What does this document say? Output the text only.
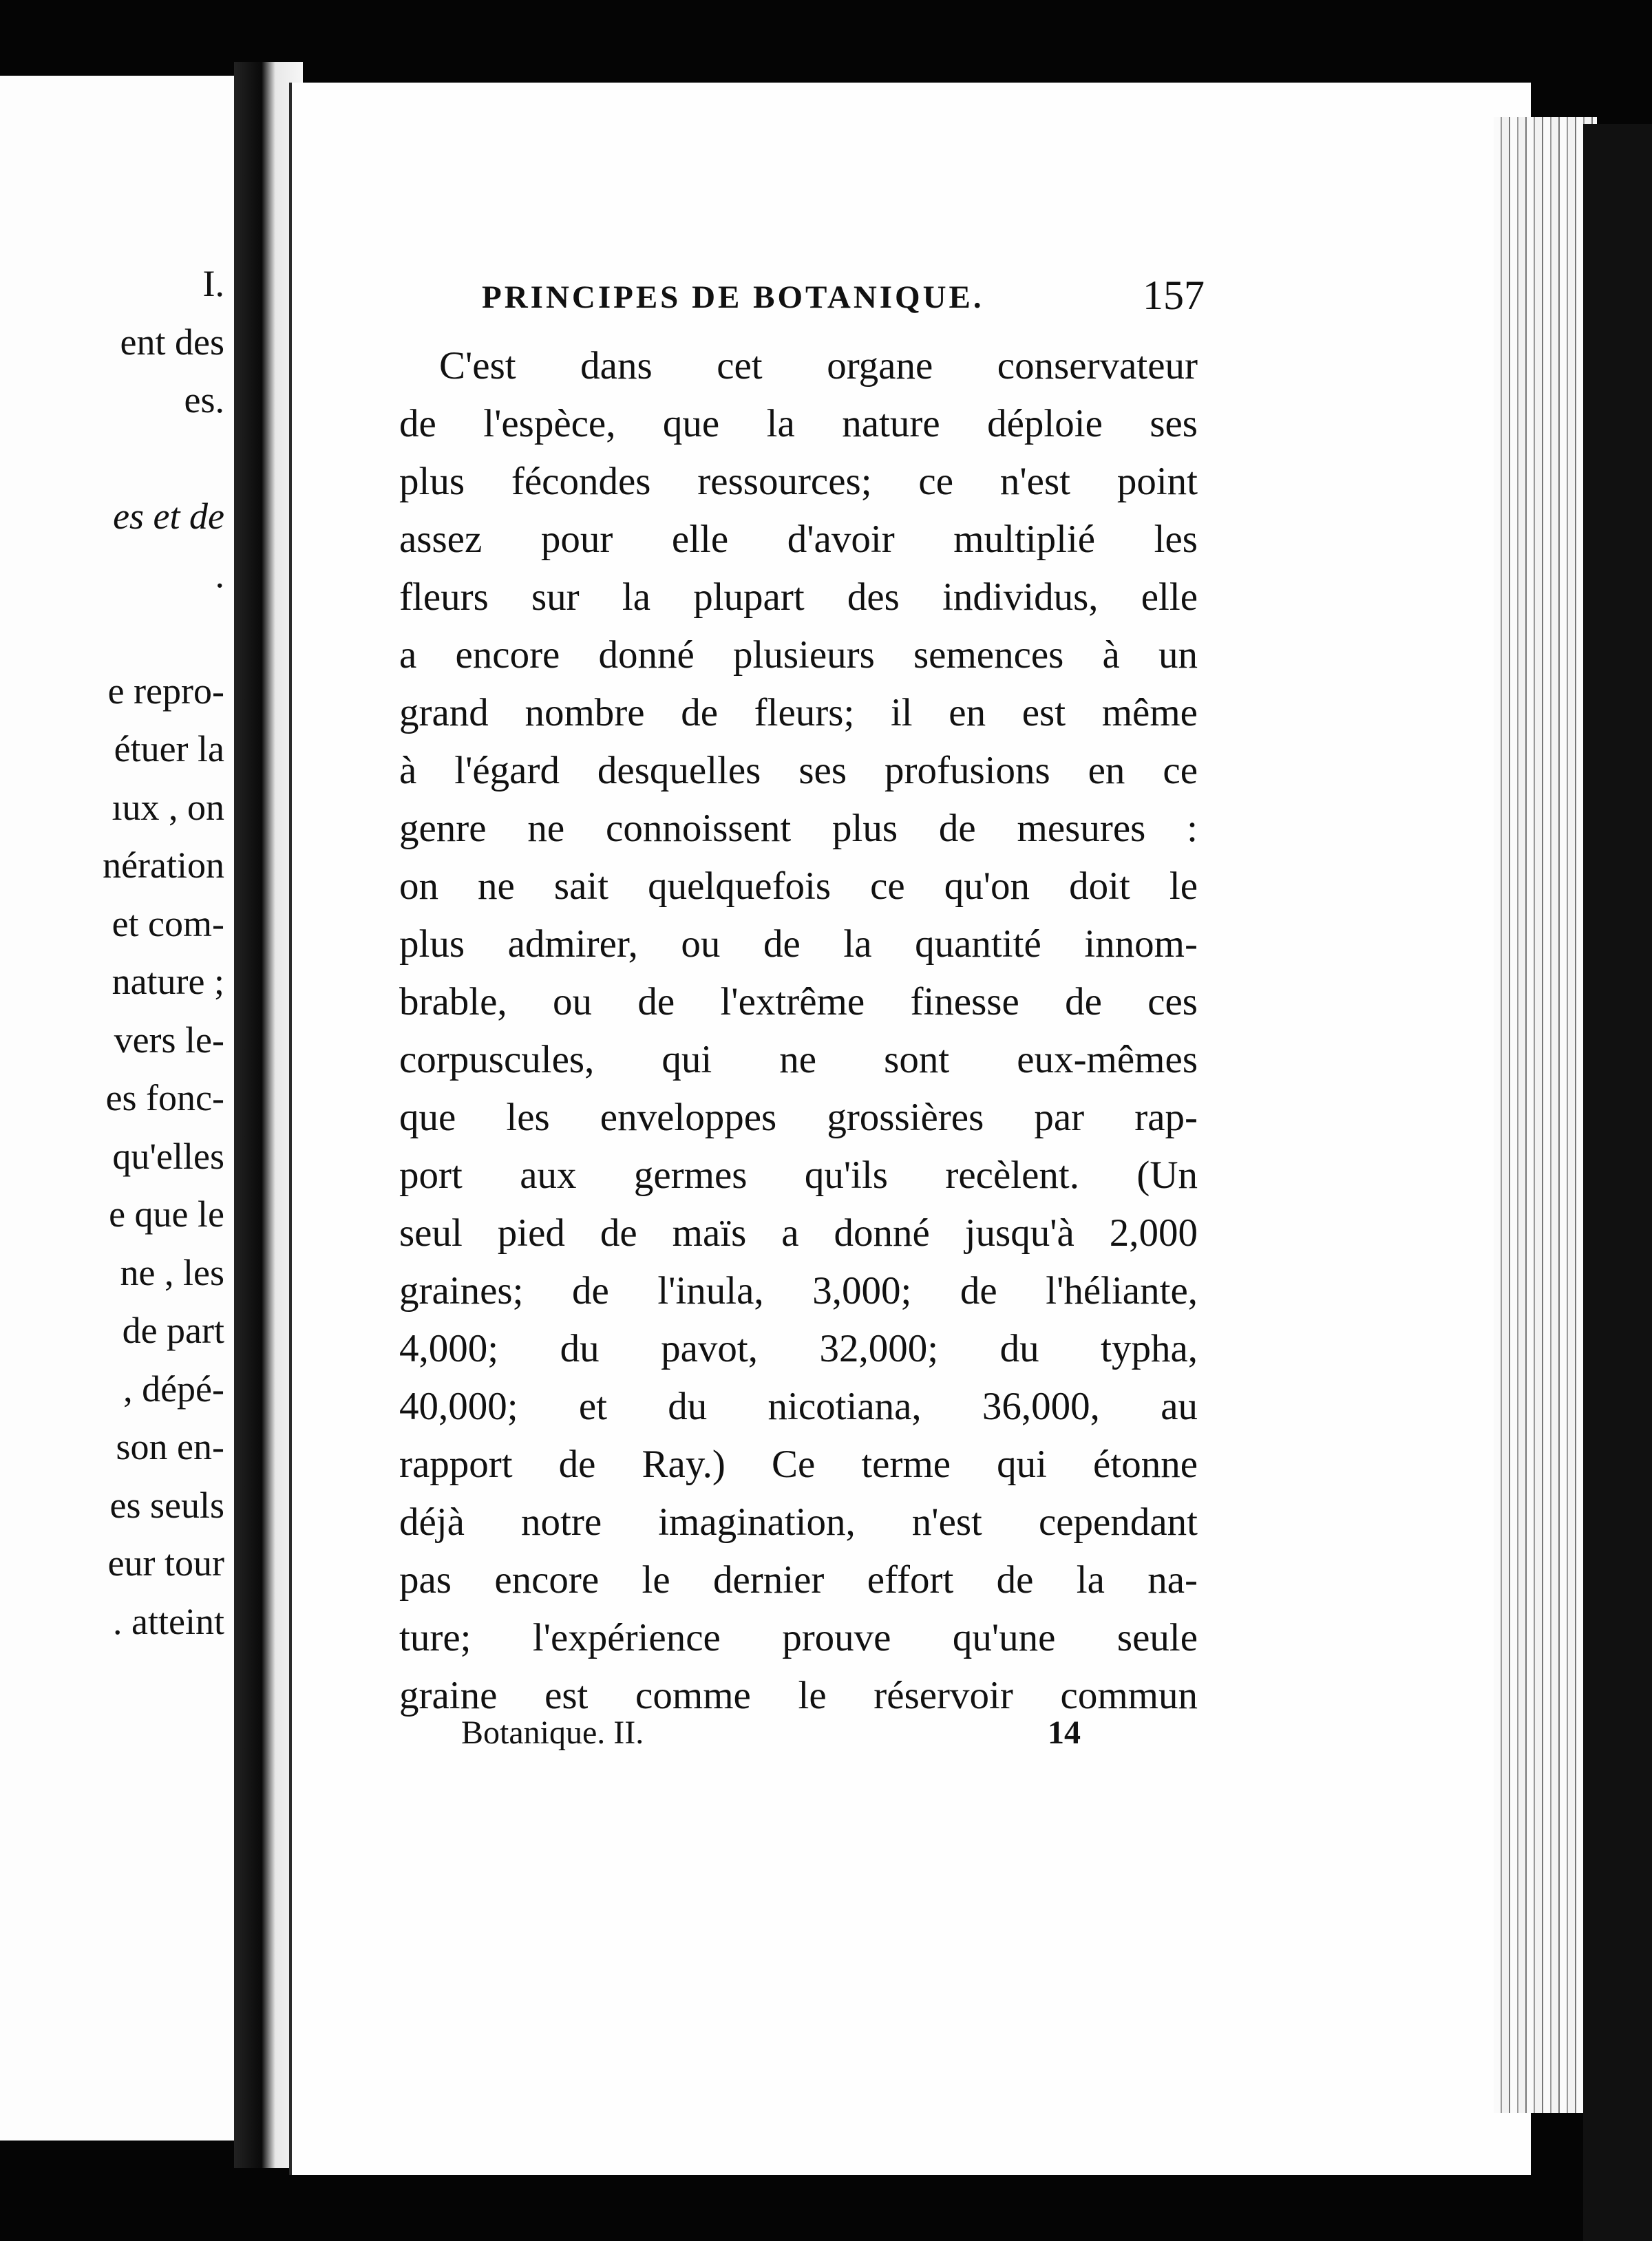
I.
ent des
es.

es et de
.

e repro-
étuer la
ıux , on
nération
et com-
nature ;
vers le-
es fonc-
qu'elles
e que le
ne , les
de part
, dépé-
son en-
es seuls
eur tour
. atteint
PRINCIPES DE BOTANIQUE.	157
C'est dans cet organe conservateur
de l'espèce, que la nature déploie ses
plus fécondes ressources; ce n'est point
assez pour elle d'avoir multiplié les
fleurs sur la plupart des individus, elle
a encore donné plusieurs semences à un
grand nombre de fleurs; il en est même
à l'égard desquelles ses profusions en ce
genre ne connoissent plus de mesures :
on ne sait quelquefois ce qu'on doit le
plus admirer, ou de la quantité innom-
brable, ou de l'extrême finesse de ces
corpuscules, qui ne sont eux-mêmes
que les enveloppes grossières par rap-
port aux germes qu'ils recèlent. (Un
seul pied de maïs a donné jusqu'à 2,000
graines; de l'inula, 3,000; de l'héliante,
4,000; du pavot, 32,000; du typha,
40,000; et du nicotiana, 36,000, au
rapport de Ray.) Ce terme qui étonne
déjà notre imagination, n'est cependant
pas encore le dernier effort de la na-
ture; l'expérience prouve qu'une seule
graine est comme le réservoir commun
Botanique. II.	14
